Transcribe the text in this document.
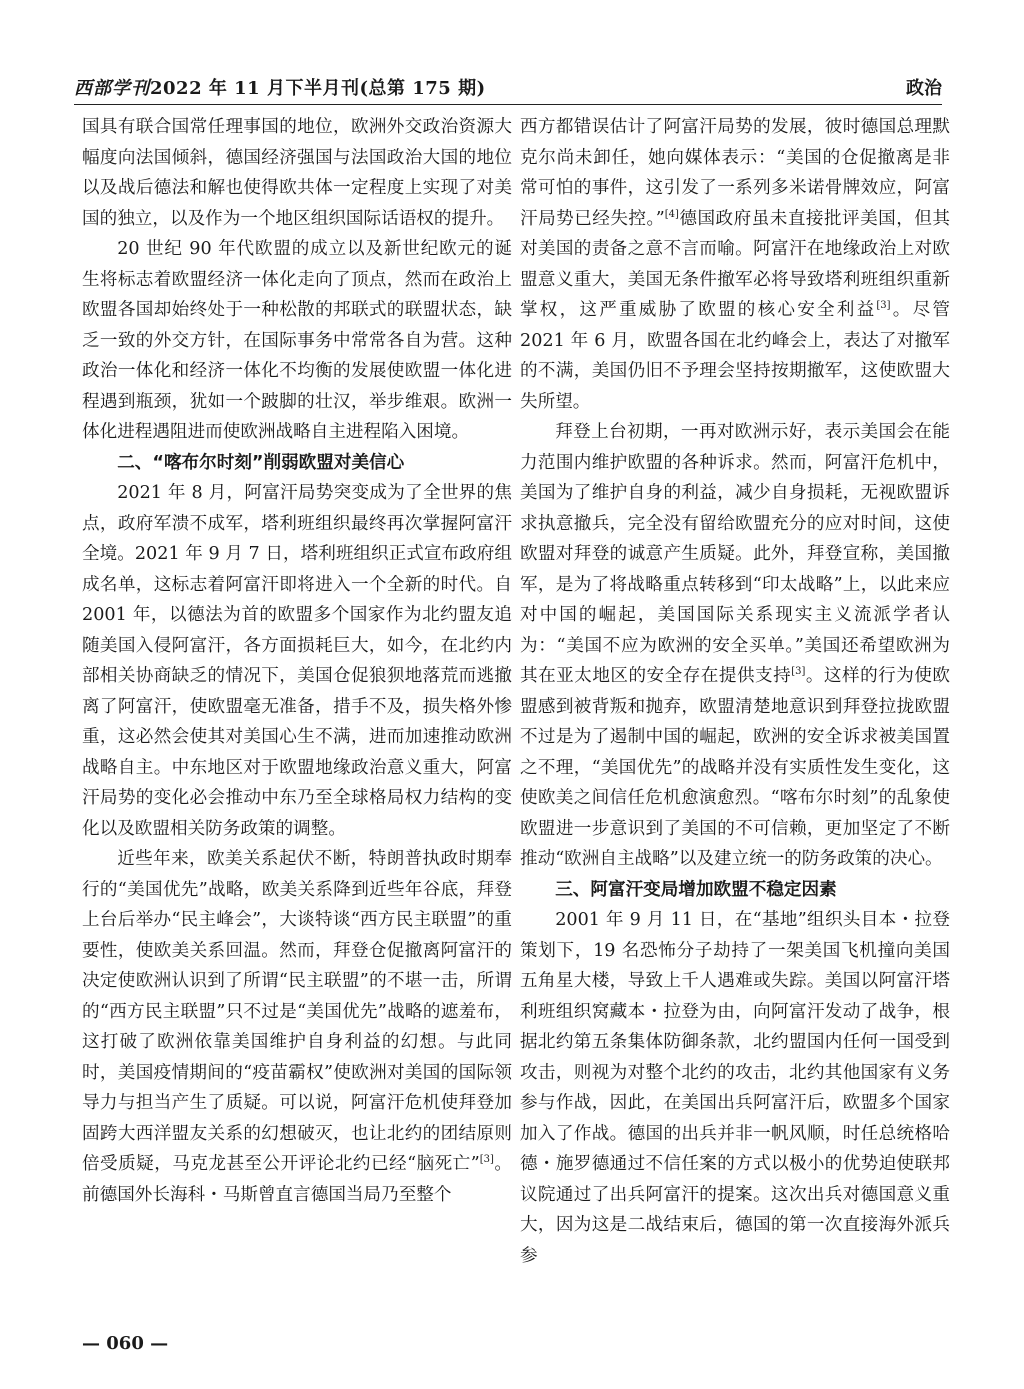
西部学刊2022 年 11 月下半月刊(总第 175 期)	政治

国具有联合国常任理事国的地位，欧洲外交政治资源大幅度向法国倾斜，德国经济强国与法国政治大国的地位以及战后德法和解也使得欧共体一定程度上实现了对美国的独立，以及作为一个地区组织国际话语权的提升。

20 世纪 90 年代欧盟的成立以及新世纪欧元的诞生将标志着欧盟经济一体化走向了顶点，然而在政治上欧盟各国却始终处于一种松散的邦联式的联盟状态，缺乏一致的外交方针，在国际事务中常常各自为营。这种政治一体化和经济一体化不均衡的发展使欧盟一体化进程遇到瓶颈，犹如一个跛脚的壮汉，举步维艰。欧洲一体化进程遇阻进而使欧洲战略自主进程陷入困境。

二、“喀布尔时刻”削弱欧盟对美信心

2021 年 8 月，阿富汗局势突变成为了全世界的焦点，政府军溃不成军，塔利班组织最终再次掌握阿富汗全境。2021 年 9 月 7 日，塔利班组织正式宣布政府组成名单，这标志着阿富汗即将进入一个全新的时代。自 2001 年，以德法为首的欧盟多个国家作为北约盟友追随美国入侵阿富汗，各方面损耗巨大，如今，在北约内部相关协商缺乏的情况下，美国仓促狼狈地落荒而逃撤离了阿富汗，使欧盟毫无准备，措手不及，损失格外惨重，这必然会使其对美国心生不满，进而加速推动欧洲战略自主。中东地区对于欧盟地缘政治意义重大，阿富汗局势的变化必会推动中东乃至全球格局权力结构的变化以及欧盟相关防务政策的调整。

近些年来，欧美关系起伏不断，特朗普执政时期奉行的“美国优先”战略，欧美关系降到近些年谷底，拜登上台后举办“民主峰会”，大谈特谈“西方民主联盟”的重要性，使欧美关系回温。然而，拜登仓促撤离阿富汗的决定使欧洲认识到了所谓“民主联盟”的不堪一击，所谓的“西方民主联盟”只不过是“美国优先”战略的遮羞布，这打破了欧洲依靠美国维护自身利益的幻想。与此同时，美国疫情期间的“疫苗霸权”使欧洲对美国的国际领导力与担当产生了质疑。可以说，阿富汗危机使拜登加固跨大西洋盟友关系的幻想破灭，也让北约的团结原则倍受质疑，马克龙甚至公开评论北约已经“脑死亡”[3]。前德国外长海科・马斯曾直言德国当局乃至整个

西方都错误估计了阿富汗局势的发展，彼时德国总理默克尔尚未卸任，她向媒体表示：“美国的仓促撤离是非常可怕的事件，这引发了一系列多米诺骨牌效应，阿富汗局势已经失控。”[4]德国政府虽未直接批评美国，但其对美国的责备之意不言而喻。阿富汗在地缘政治上对欧盟意义重大，美国无条件撤军必将导致塔利班组织重新掌权，这严重威胁了欧盟的核心安全利益[3]。尽管 2021 年 6 月，欧盟各国在北约峰会上，表达了对撤军的不满，美国仍旧不予理会坚持按期撤军，这使欧盟大失所望。

拜登上台初期，一再对欧洲示好，表示美国会在能力范围内维护欧盟的各种诉求。然而，阿富汗危机中，美国为了维护自身的利益，减少自身损耗，无视欧盟诉求执意撤兵，完全没有留给欧盟充分的应对时间，这使欧盟对拜登的诚意产生质疑。此外，拜登宣称，美国撤军，是为了将战略重点转移到“印太战略”上，以此来应对中国的崛起，美国国际关系现实主义流派学者认为：“美国不应为欧洲的安全买单。”美国还希望欧洲为其在亚太地区的安全存在提供支持[3]。这样的行为使欧盟感到被背叛和抛弃，欧盟清楚地意识到拜登拉拢欧盟不过是为了遏制中国的崛起，欧洲的安全诉求被美国置之不理，“美国优先”的战略并没有实质性发生变化，这使欧美之间信任危机愈演愈烈。“喀布尔时刻”的乱象使欧盟进一步意识到了美国的不可信赖，更加坚定了不断推动“欧洲自主战略”以及建立统一的防务政策的决心。

三、阿富汗变局增加欧盟不稳定因素

2001 年 9 月 11 日，在“基地”组织头目本・拉登策划下，19 名恐怖分子劫持了一架美国飞机撞向美国五角星大楼，导致上千人遇难或失踪。美国以阿富汗塔利班组织窝藏本・拉登为由，向阿富汗发动了战争，根据北约第五条集体防御条款，北约盟国内任何一国受到攻击，则视为对整个北约的攻击，北约其他国家有义务参与作战，因此，在美国出兵阿富汗后，欧盟多个国家加入了作战。德国的出兵并非一帆风顺，时任总统格哈德・施罗德通过不信任案的方式以极小的优势迫使联邦议院通过了出兵阿富汗的提案。这次出兵对德国意义重大，因为这是二战结束后，德国的第一次直接海外派兵参

— 060 —
